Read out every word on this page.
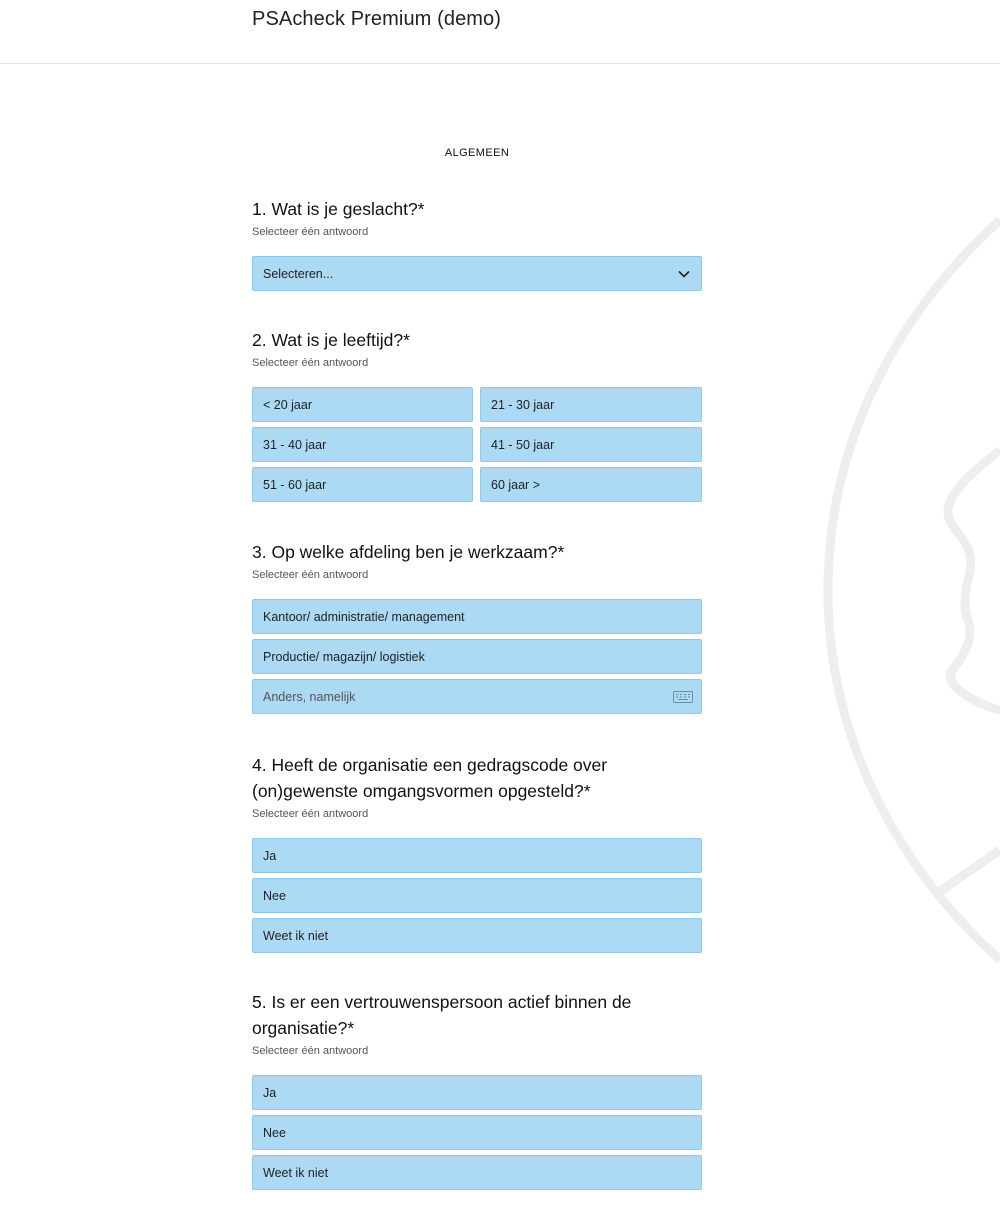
PSAcheck Premium (demo)
ALGEMEEN
1. Wat is je geslacht?*
Selecteer één antwoord
Selecteren...
2. Wat is je leeftijd?*
Selecteer één antwoord
< 20 jaar	21 - 30 jaar
31 - 40 jaar	41 - 50 jaar
51 - 60 jaar	60 jaar >
3. Op welke afdeling ben je werkzaam?*
Selecteer één antwoord
Kantoor/ administratie/ management
Productie/ magazijn/ logistiek
Anders, namelijk
4. Heeft de organisatie een gedragscode over (on)gewenste omgangsvormen opgesteld?*
Selecteer één antwoord
Ja
Nee
Weet ik niet
5. Is er een vertrouwenspersoon actief binnen de organisatie?*
Selecteer één antwoord
Ja
Nee
Weet ik niet
